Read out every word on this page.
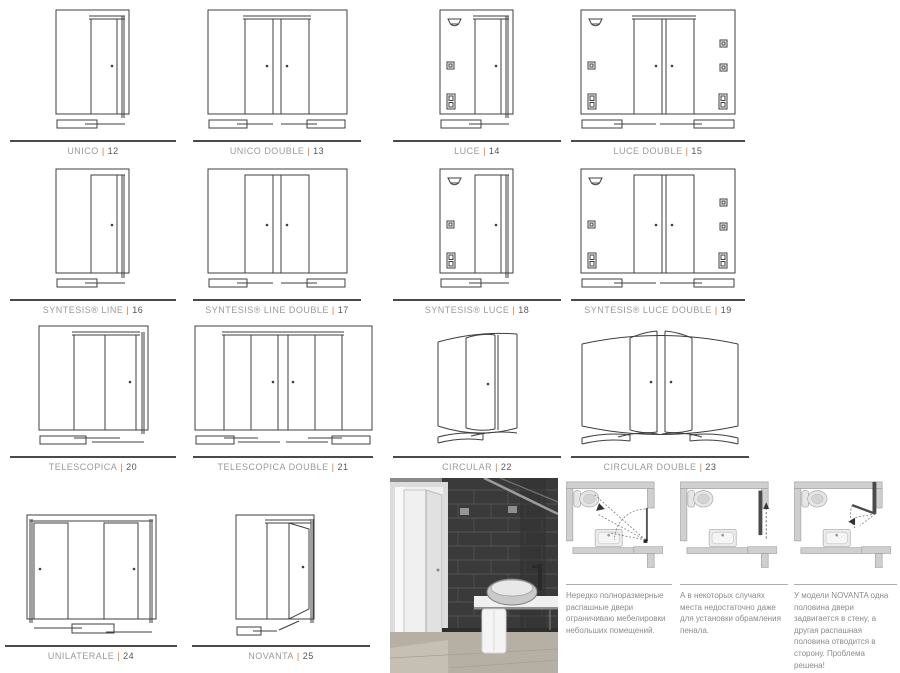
UNICO | 12	UNICO DOUBLE | 13	LUCE | 14	LUCE DOUBLE | 15
SYNTESIS® LINE | 16	SYNTESIS® LINE DOUBLE | 17	SYNTESIS® LUCE | 18	SYNTESIS® LUCE DOUBLE | 19
TELESCOPICA | 20	TELESCOPICA DOUBLE | 21	CIRCULAR | 22	CIRCULAR DOUBLE | 23
UNILATERALE | 24	NOVANTA | 25

Нередко полноразмерные распашные двери ограничиваю мебелировки небольших помещений.

А в некоторых случаях места недостаточно даже для установки обрамления пенала.

У модели NOVANTA одна половина двери задвигается в стену, а другая распашная половина отводится в сторону. Проблема решена!
